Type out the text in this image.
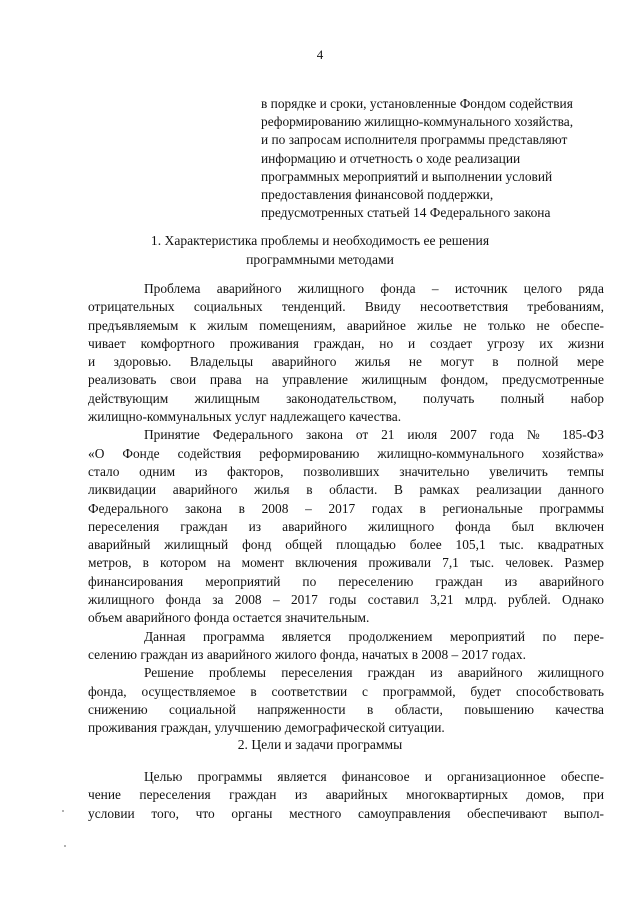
4
в порядке и сроки, установленные Фондом содействия
реформированию жилищно-коммунального хозяйства,
и по запросам исполнителя программы представляют
информацию и отчетность о ходе реализации
программных мероприятий и выполнении условий
предоставления финансовой поддержки,
предусмотренных статьей 14 Федерального закона
1. Характеристика проблемы и необходимость ее решения
программными методами
Проблема аварийного жилищного фонда – источник целого ряда
отрицательных социальных тенденций. Ввиду несоответствия требованиям,
предъявляемым к жилым помещениям, аварийное жилье не только не обеспе-
чивает комфортного проживания граждан, но и создает угрозу их жизни
и здоровью. Владельцы аварийного жилья не могут в полной мере
реализовать свои права на управление жилищным фондом, предусмотренные
действующим жилищным законодательством, получать полный набор
жилищно-коммунальных услуг надлежащего качества.
Принятие Федерального закона от 21 июля 2007 года № 185-ФЗ
«О Фонде содействия реформированию жилищно-коммунального хозяйства»
стало одним из факторов, позволивших значительно увеличить темпы
ликвидации аварийного жилья в области. В рамках реализации данного
Федерального закона в 2008 – 2017 годах в региональные программы
переселения граждан из аварийного жилищного фонда был включен
аварийный жилищный фонд общей площадью более 105,1 тыс. квадратных
метров, в котором на момент включения проживали 7,1 тыс. человек. Размер
финансирования мероприятий по переселению граждан из аварийного
жилищного фонда за 2008 – 2017 годы составил 3,21 млрд. рублей. Однако
объем аварийного фонда остается значительным.
Данная программа является продолжением мероприятий по пере-
селению граждан из аварийного жилого фонда, начатых в 2008 – 2017 годах.
Решение проблемы переселения граждан из аварийного жилищного
фонда, осуществляемое в соответствии с программой, будет способствовать
снижению социальной напряженности в области, повышению качества
проживания граждан, улучшению демографической ситуации.
2. Цели и задачи программы
Целью программы является финансовое и организационное обеспе-
чение переселения граждан из аварийных многоквартирных домов, при
условии того, что органы местного самоуправления обеспечивают выпол-
